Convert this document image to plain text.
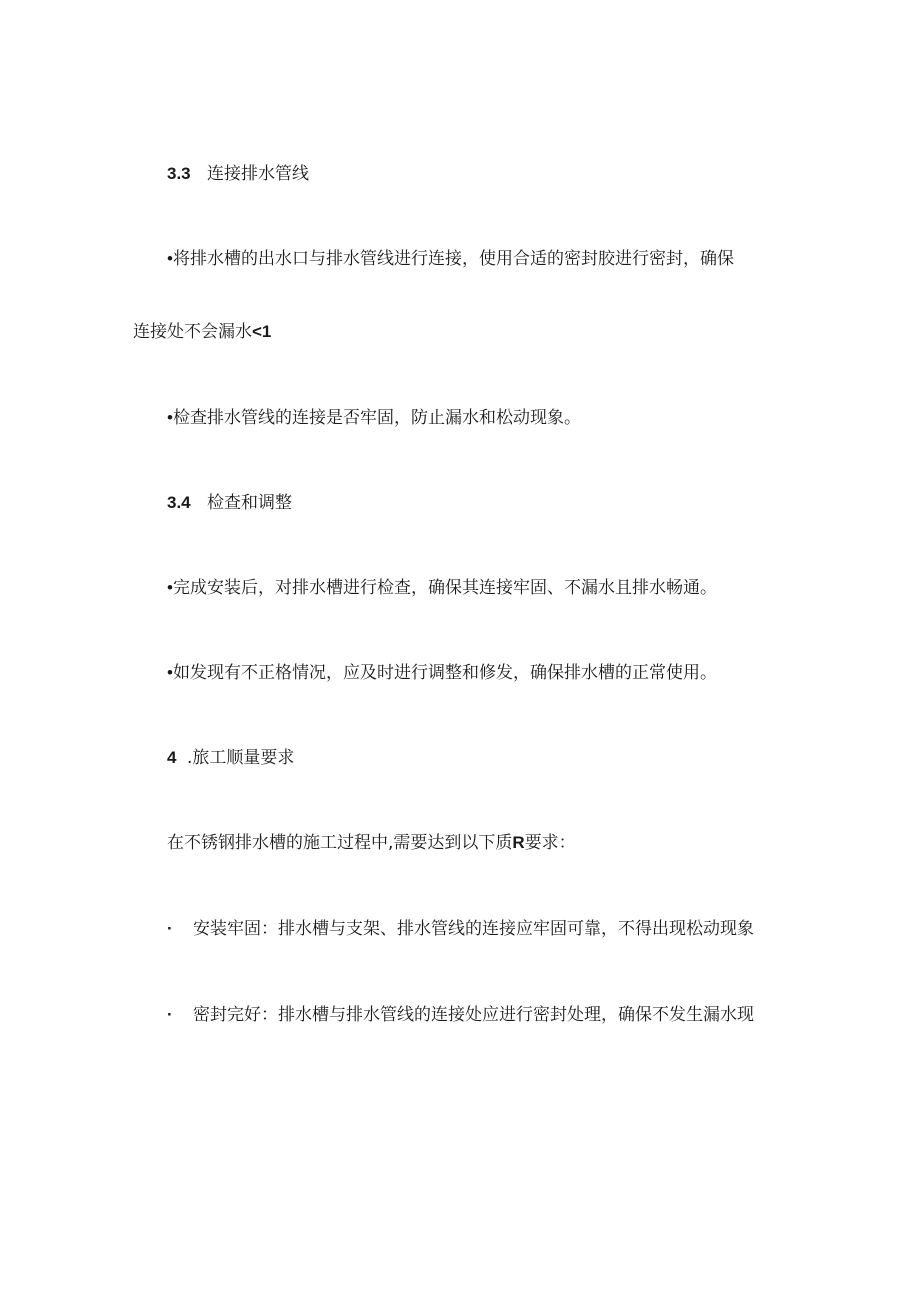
3.3 连接排水管线
•将排水槽的出水口与排水管线进行连接，使用合适的密封胶进行密封，确保
连接处不会漏水<1
•检查排水管线的连接是否牢固，防止漏水和松动现象。
3.4 检查和调整
•完成安装后，对排水槽进行检查，确保其连接牢固、不漏水且排水畅通。
•如发现有不正格情况，应及时进行调整和修发，确保排水槽的正常使用。
4 .旅工顺量要求
在不锈钢排水槽的施工过程中,需要达到以下质R要求：
· 安装牢固：排水槽与支架、排水管线的连接应牢固可靠，不得出现松动现象
· 密封完好：排水槽与排水管线的连接处应进行密封处理，确保不发生漏水现
